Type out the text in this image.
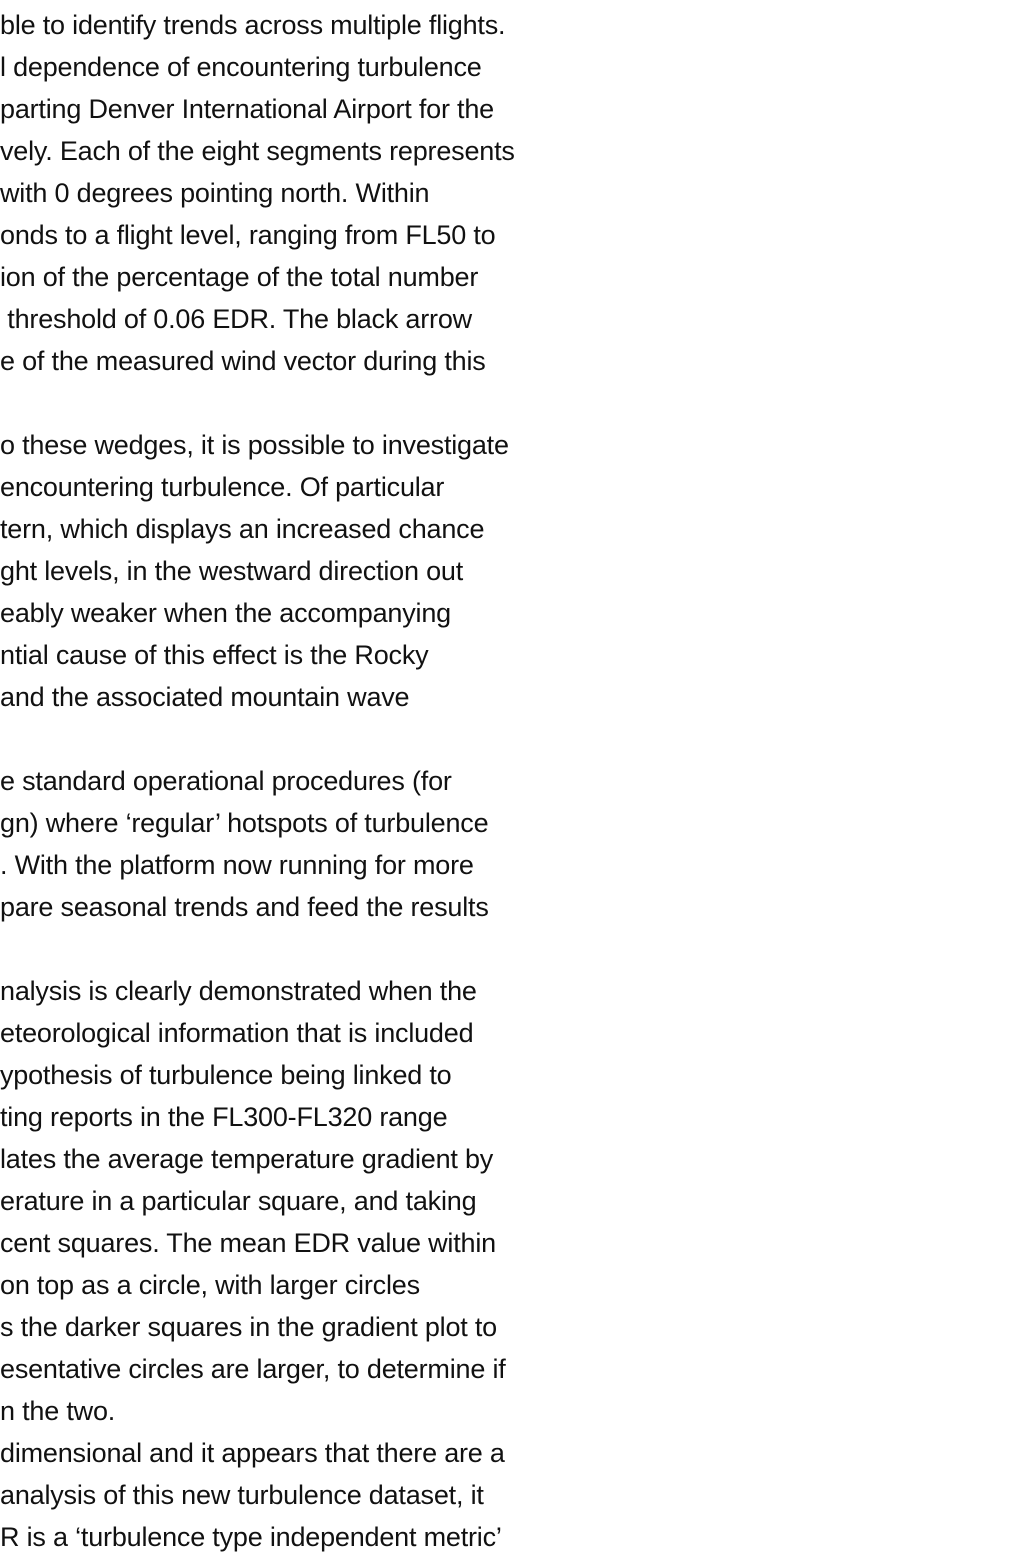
ble to identify trends across multiple flights.
l dependence of encountering turbulence
parting Denver International Airport for the
vely. Each of the eight segments represents
with 0 degrees pointing north. Within
onds to a flight level, ranging from FL50 to
ion of the percentage of the total number
threshold of 0.06 EDR. The black arrow
e of the measured wind vector during this
o these wedges, it is possible to investigate
encountering turbulence. Of particular
tern, which displays an increased chance
ght levels, in the westward direction out
eably weaker when the accompanying
ntial cause of this effect is the Rocky
and the associated mountain wave
e standard operational procedures (for
gn) where ‘regular’ hotspots of turbulence
. With the platform now running for more
pare seasonal trends and feed the results
nalysis is clearly demonstrated when the
eteorological information that is included
ypothesis of turbulence being linked to
ting reports in the FL300-FL320 range
lates the average temperature gradient by
erature in a particular square, and taking
cent squares. The mean EDR value within
on top as a circle, with larger circles
s the darker squares in the gradient plot to
esentative circles are larger, to determine if
n the two.
dimensional and it appears that there are a
analysis of this new turbulence dataset, it
R is a ‘turbulence type independent metric’
